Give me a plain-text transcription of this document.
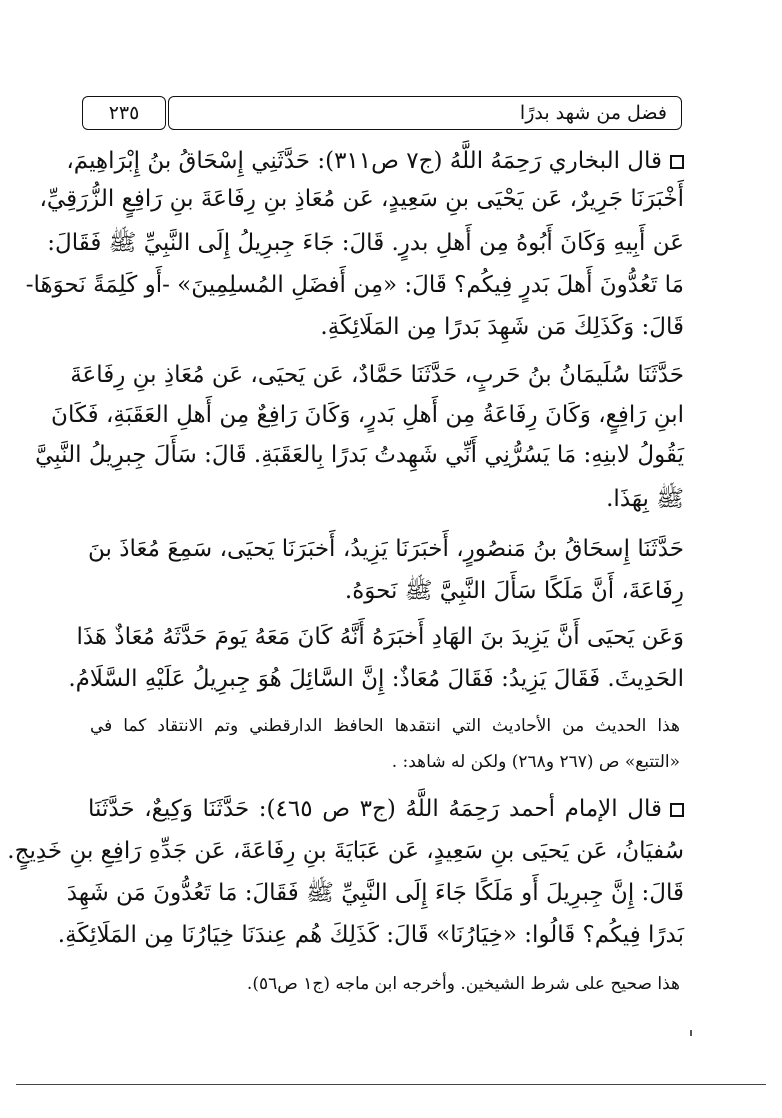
٢٣٥	فضل من شهد بدرًا
قال البخاري رَحِمَهُ اللَّهُ (ج٧ ص٣١١): حَدَّثَنِي إِسْحَاقُ بنُ إِبْرَاهِيمَ،
أَخْبَرَنَا جَرِيرٌ، عَن يَحْيَى بنِ سَعِيدٍ، عَن مُعَاذِ بنِ رِفَاعَةَ بنِ رَافِعٍ الزُّرَقِيِّ،
عَن أَبِيهِ وَكَانَ أَبُوهُ مِن أَهلِ بدرٍ. قَالَ: جَاءَ جِبرِيلُ إِلَى النَّبِيِّ ﷺ فَقَالَ:
مَا تَعُدُّونَ أَهلَ بَدرٍ فِيكُم؟ قَالَ: «مِن أَفضَلِ المُسلِمِينَ» -أَو كَلِمَةً نَحوَهَا-
قَالَ: وَكَذَلِكَ مَن شَهِدَ بَدرًا مِن المَلَائِكَةِ.
حَدَّثَنَا سُلَيمَانُ بنُ حَربٍ، حَدَّثَنَا حَمَّادٌ، عَن يَحيَى، عَن مُعَاذِ بنِ رِفَاعَةَ
ابنِ رَافِعٍ، وَكَانَ رِفَاعَةُ مِن أَهلِ بَدرٍ، وَكَانَ رَافِعٌ مِن أَهلِ العَقَبَةِ، فَكَانَ
يَقُولُ لابنِهِ: مَا يَسُرُّنِي أَنِّي شَهِدتُ بَدرًا بِالعَقَبَةِ. قَالَ: سَأَلَ جِبرِيلُ النَّبِيَّ
ﷺ بِهَذَا.
حَدَّثَنَا إِسحَاقُ بنُ مَنصُورٍ، أَخبَرَنَا يَزِيدُ، أَخبَرَنَا يَحيَى، سَمِعَ مُعَاذَ بنَ
رِفَاعَةَ، أَنَّ مَلَكًا سَأَلَ النَّبِيَّ ﷺ نَحوَهُ.
وَعَن يَحيَى أَنَّ يَزِيدَ بنَ الهَادِ أَخبَرَهُ أَنَّهُ كَانَ مَعَهُ يَومَ حَدَّثَهُ مُعَاذٌ هَذَا
الحَدِيثَ. فَقَالَ يَزِيدُ: فَقَالَ مُعَاذٌ: إِنَّ السَّائِلَ هُوَ جِبرِيلُ عَلَيْهِ السَّلَامُ.
هذا الحديث من الأحاديث التي انتقدها الحافظ الدارقطني وتم الانتقاد كما في
«التتبع» ص (٢٦٧ و٢٦٨) ولكن له شاهد: .
قال الإمام أحمد رَحِمَهُ اللَّهُ (ج٣ ص ٤٦٥): حَدَّثَنَا وَكِيعٌ، حَدَّثَنَا
سُفيَانُ، عَن يَحيَى بنِ سَعِيدٍ، عَن عَبَايَةَ بنِ رِفَاعَةَ، عَن جَدِّهِ رَافِعِ بنِ خَدِيجٍ.
قَالَ: إِنَّ جِبرِيلَ أَو مَلَكًا جَاءَ إِلَى النَّبِيِّ ﷺ فَقَالَ: مَا تَعُدُّونَ مَن شَهِدَ
بَدرًا فِيكُم؟ قَالُوا: «خِيَارُنَا» قَالَ: كَذَلِكَ هُم عِندَنَا خِيَارُنَا مِن المَلَائِكَةِ.
هذا صحيح على شرط الشيخين. وأخرجه ابن ماجه (ج١ ص٥٦).
